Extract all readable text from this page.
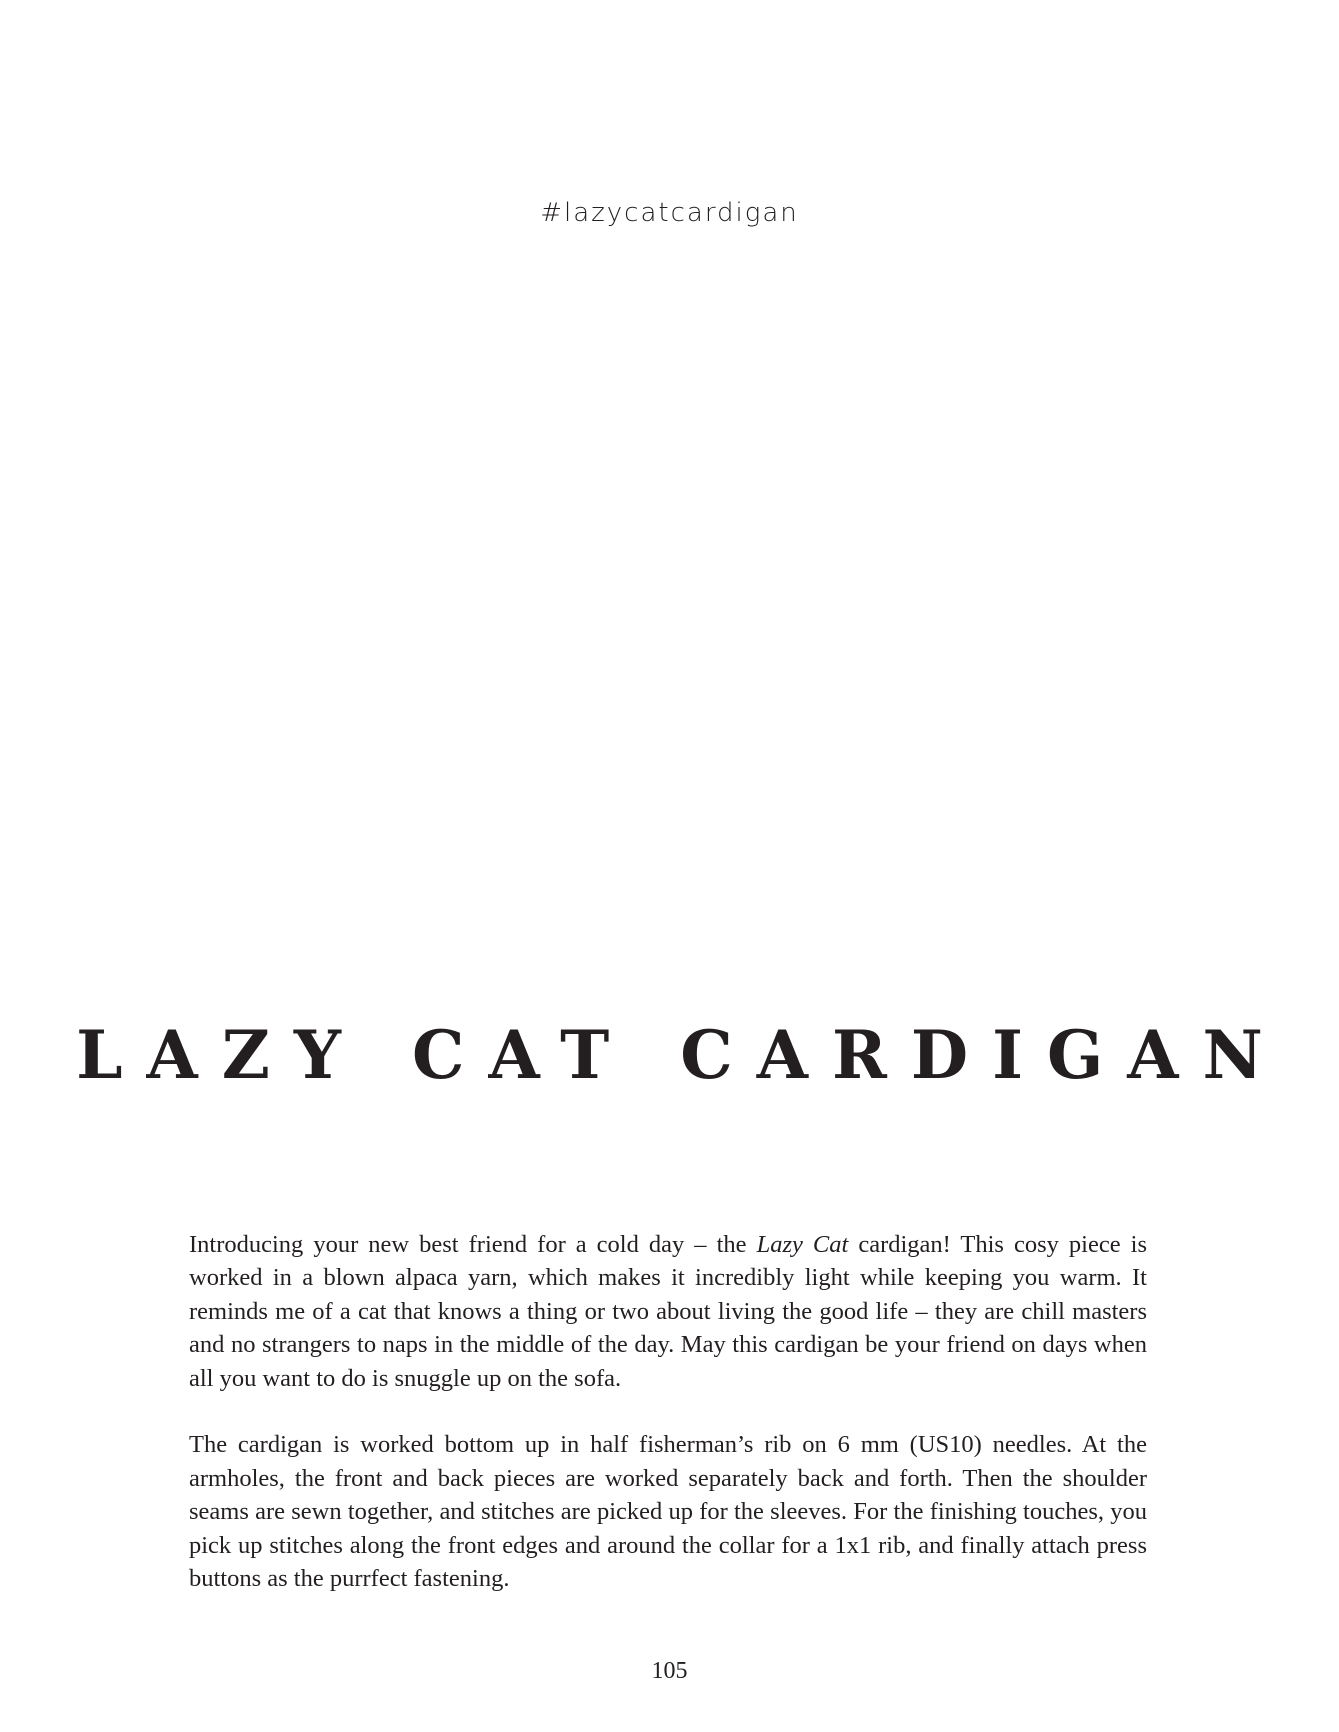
#lazycatcardigan
LAZY CAT CARDIGAN

Introducing your new best friend for a cold day – the Lazy Cat cardigan! This cosy piece is worked in a blown alpaca yarn, which makes it incredibly light while keeping you warm. It reminds me of a cat that knows a thing or two about living the good life – they are chill masters and no strangers to naps in the middle of the day. May this cardigan be your friend on days when all you want to do is snuggle up on the sofa.

The cardigan is worked bottom up in half fisherman’s rib on 6 mm (US10) needles. At the armholes, the front and back pieces are worked separately back and forth. Then the shoulder seams are sewn together, and stitches are picked up for the sleeves. For the finishing touches, you pick up stitches along the front edges and around the collar for a 1x1 rib, and finally attach press buttons as the purrfect fastening.

105
